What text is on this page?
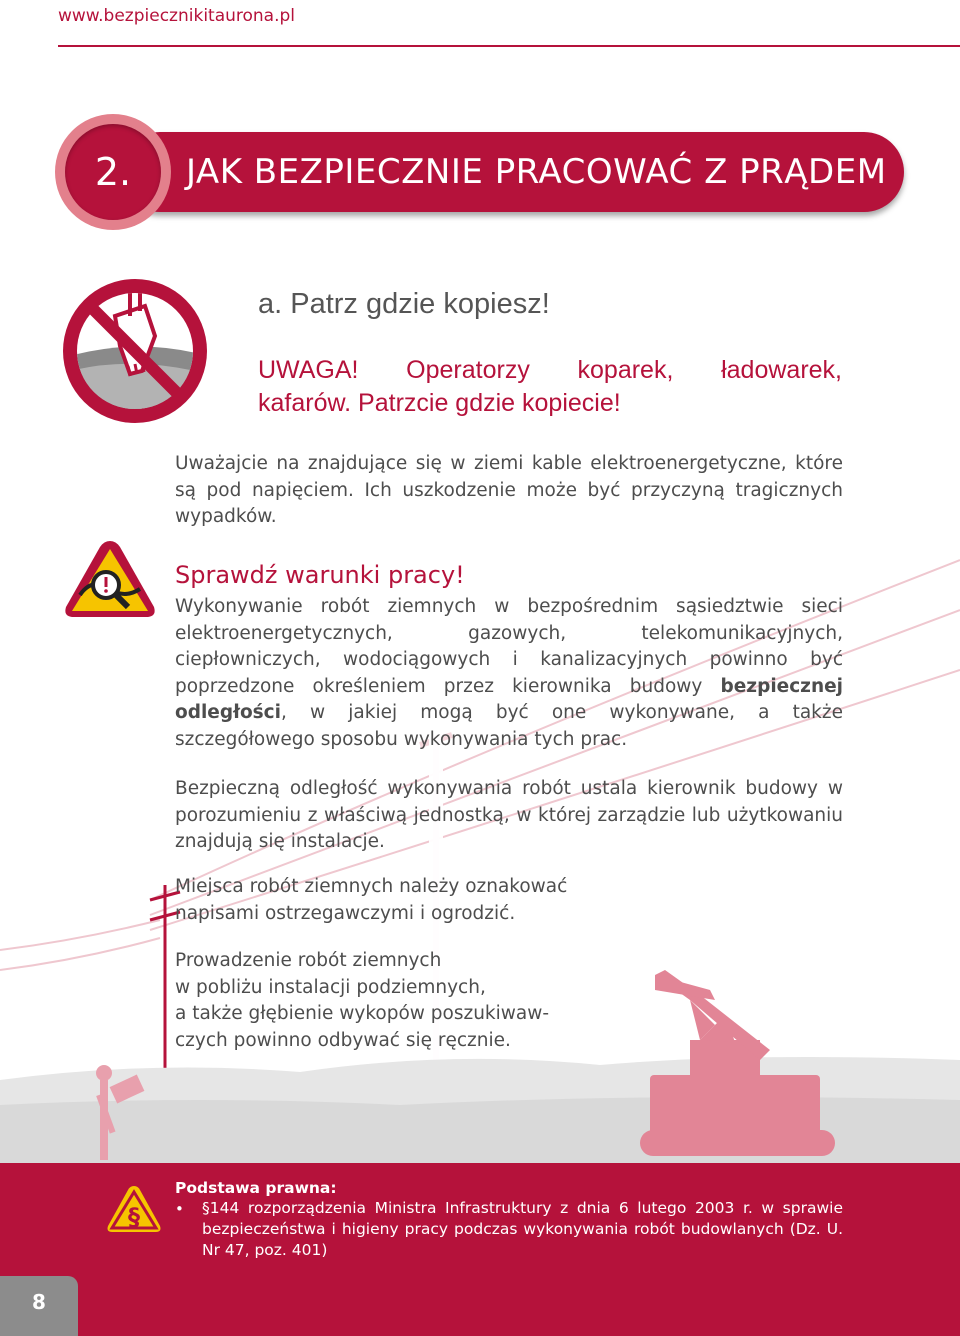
www.bezpiecznikitaurona.pl
JAK BEZPIECZNIE PRACOWAĆ Z PRĄDEM
2.
a. Patrz gdzie kopiesz!
UWAGA! Operatorzy koparek, ładowarek,
kafarów. Patrzcie gdzie kopiecie!
Uważajcie na znajdujące się w ziemi kable elektroenergetyczne, które są pod napięciem. Ich uszkodzenie może być przyczyną tragicznych wypadków.
Sprawdź warunki pracy!
Wykonywanie robót ziemnych w bezpośrednim sąsiedztwie sieci elektroenergetycznych, gazowych, telekomunikacyjnych, ciepłowniczych, wodociągowych i kanalizacyjnych powinno być poprzedzone określeniem przez kierownika budowy bezpiecznej odległości, w jakiej mogą być one wykonywane, a także szczegółowego sposobu wykonywania tych prac.
Bezpieczną odległość wykonywania robót ustala kierownik budowy w porozumieniu z właściwą jednostką, w której zarządzie lub użytkowaniu znajdują się instalacje.
Miejsca robót ziemnych należy oznakować
napisami ostrzegawczymi i ogrodzić.
Prowadzenie robót ziemnych
w pobliżu instalacji podziemnych,
a także głębienie wykopów poszukiwaw-
czych powinno odbywać się ręcznie.
§
Podstawa prawna:
• §144 rozporządzenia Ministra Infrastruktury z dnia 6 lutego 2003 r. w sprawie
bezpieczeństwa i higieny pracy podczas wykonywania robót budowlanych (Dz. U.
Nr 47, poz. 401)
8
